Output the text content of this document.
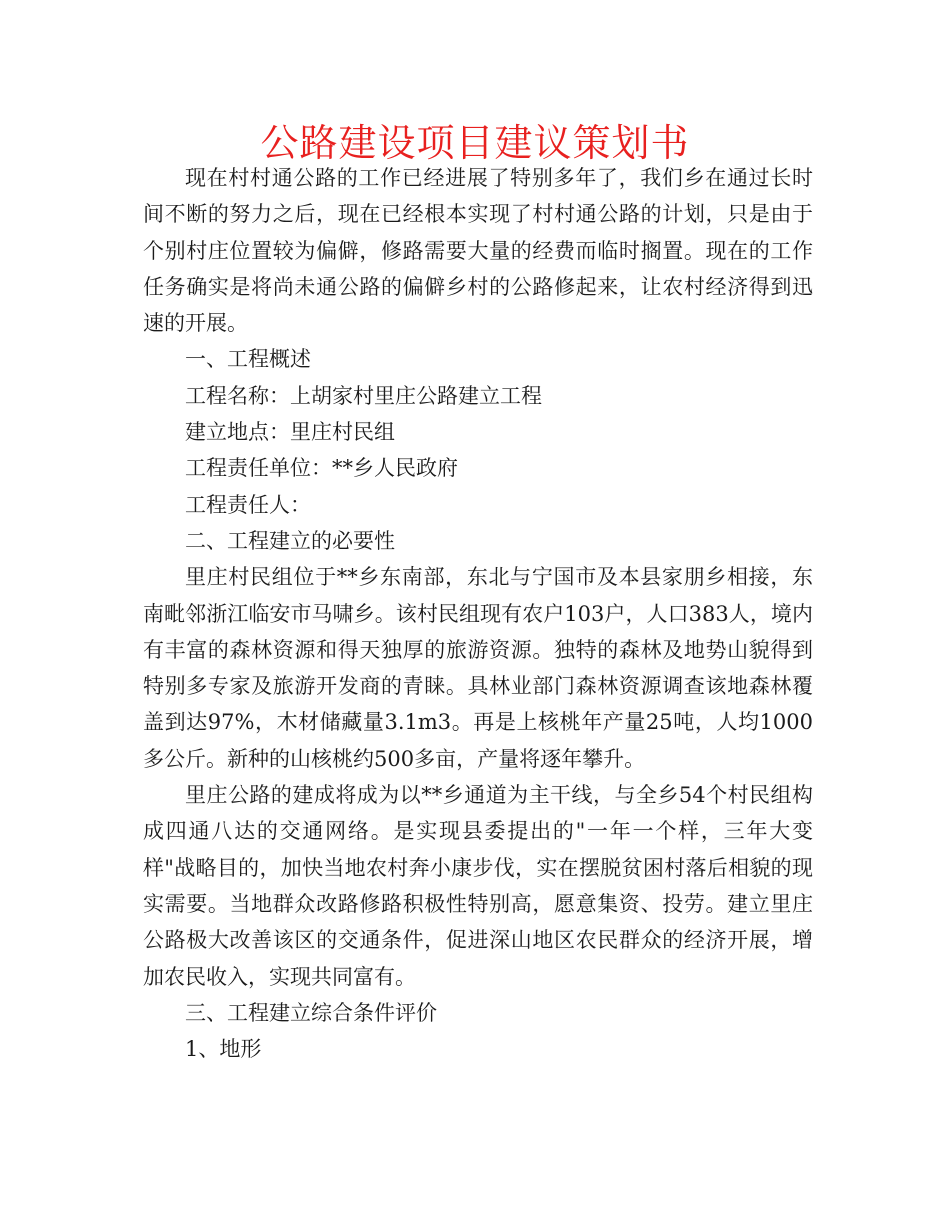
公路建设项目建议策划书

现在村村通公路的工作已经进展了特别多年了，我们乡在通过长时间不断的努力之后，现在已经根本实现了村村通公路的计划，只是由于个别村庄位置较为偏僻，修路需要大量的经费而临时搁置。现在的工作任务确实是将尚未通公路的偏僻乡村的公路修起来，让农村经济得到迅速的开展。

一、工程概述

工程名称：上胡家村里庄公路建立工程

建立地点：里庄村民组

工程责任单位：**乡人民政府

工程责任人：

二、工程建立的必要性

里庄村民组位于**乡东南部，东北与宁国市及本县家朋乡相接，东南毗邻浙江临安市马啸乡。该村民组现有农户103户，人口383人，境内有丰富的森林资源和得天独厚的旅游资源。独特的森林及地势山貌得到特别多专家及旅游开发商的青睐。具林业部门森林资源调查该地森林覆盖到达97%，木材储藏量3.1m3。再是上核桃年产量25吨，人均1000多公斤。新种的山核桃约500多亩，产量将逐年攀升。

里庄公路的建成将成为以**乡通道为主干线，与全乡54个村民组构成四通八达的交通网络。是实现县委提出的"一年一个样，三年大变样"战略目的，加快当地农村奔小康步伐，实在摆脱贫困村落后相貌的现实需要。当地群众改路修路积极性特别高，愿意集资、投劳。建立里庄公路极大改善该区的交通条件，促进深山地区农民群众的经济开展，增加农民收入，实现共同富有。

三、工程建立综合条件评价

1、地形
